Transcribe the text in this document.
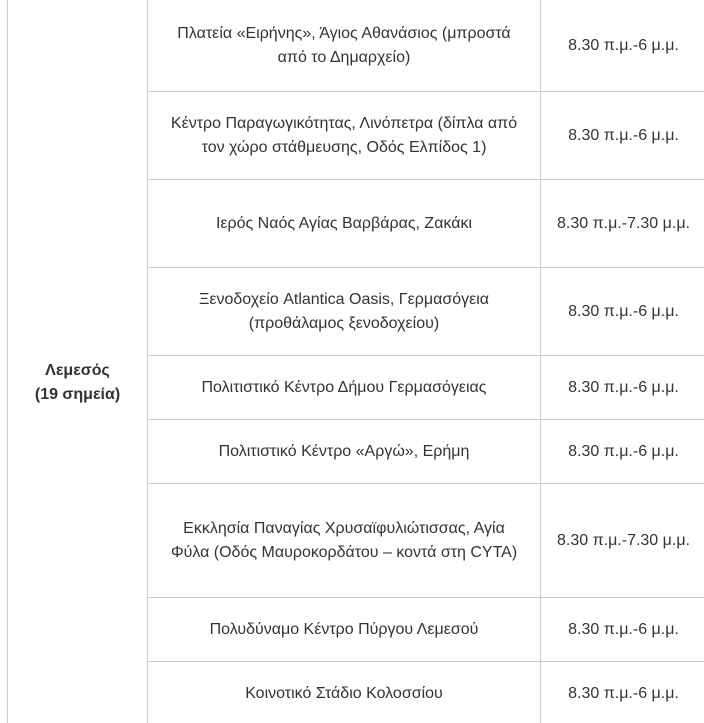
Λεμεσός
(19 σημεία)	Πλατεία «Ειρήνης», Άγιος Αθανάσιος (μπροστά από το Δημαρχείο)	8.30 π.μ.-6 μ.μ.
	Κέντρο Παραγωγικότητας, Λινόπετρα (δίπλα από τον χώρο στάθμευσης, Οδός Ελπίδος 1)	8.30 π.μ.-6 μ.μ.
	Ιερός Ναός Αγίας Βαρβάρας, Ζακάκι	8.30 π.μ.-7.30 μ.μ.
	Ξενοδοχείο Atlantica Oasis, Γερμασόγεια (προθάλαμος ξενοδοχείου)	8.30 π.μ.-6 μ.μ.
	Πολιτιστικό Κέντρο Δήμου Γερμασόγειας	8.30 π.μ.-6 μ.μ.
	Πολιτιστικό Κέντρο «Αργώ», Ερήμη	8.30 π.μ.-6 μ.μ.
	Εκκλησία Παναγίας Χρυσαϊφυλιώτισσας, Αγία Φύλα (Οδός Μαυροκορδάτου – κοντά στη CYTA)	8.30 π.μ.-7.30 μ.μ.
	Πολυδύναμο Κέντρο Πύργου Λεμεσού	8.30 π.μ.-6 μ.μ.
	Κοινοτικό Στάδιο Κολοσσίου	8.30 π.μ.-6 μ.μ.
